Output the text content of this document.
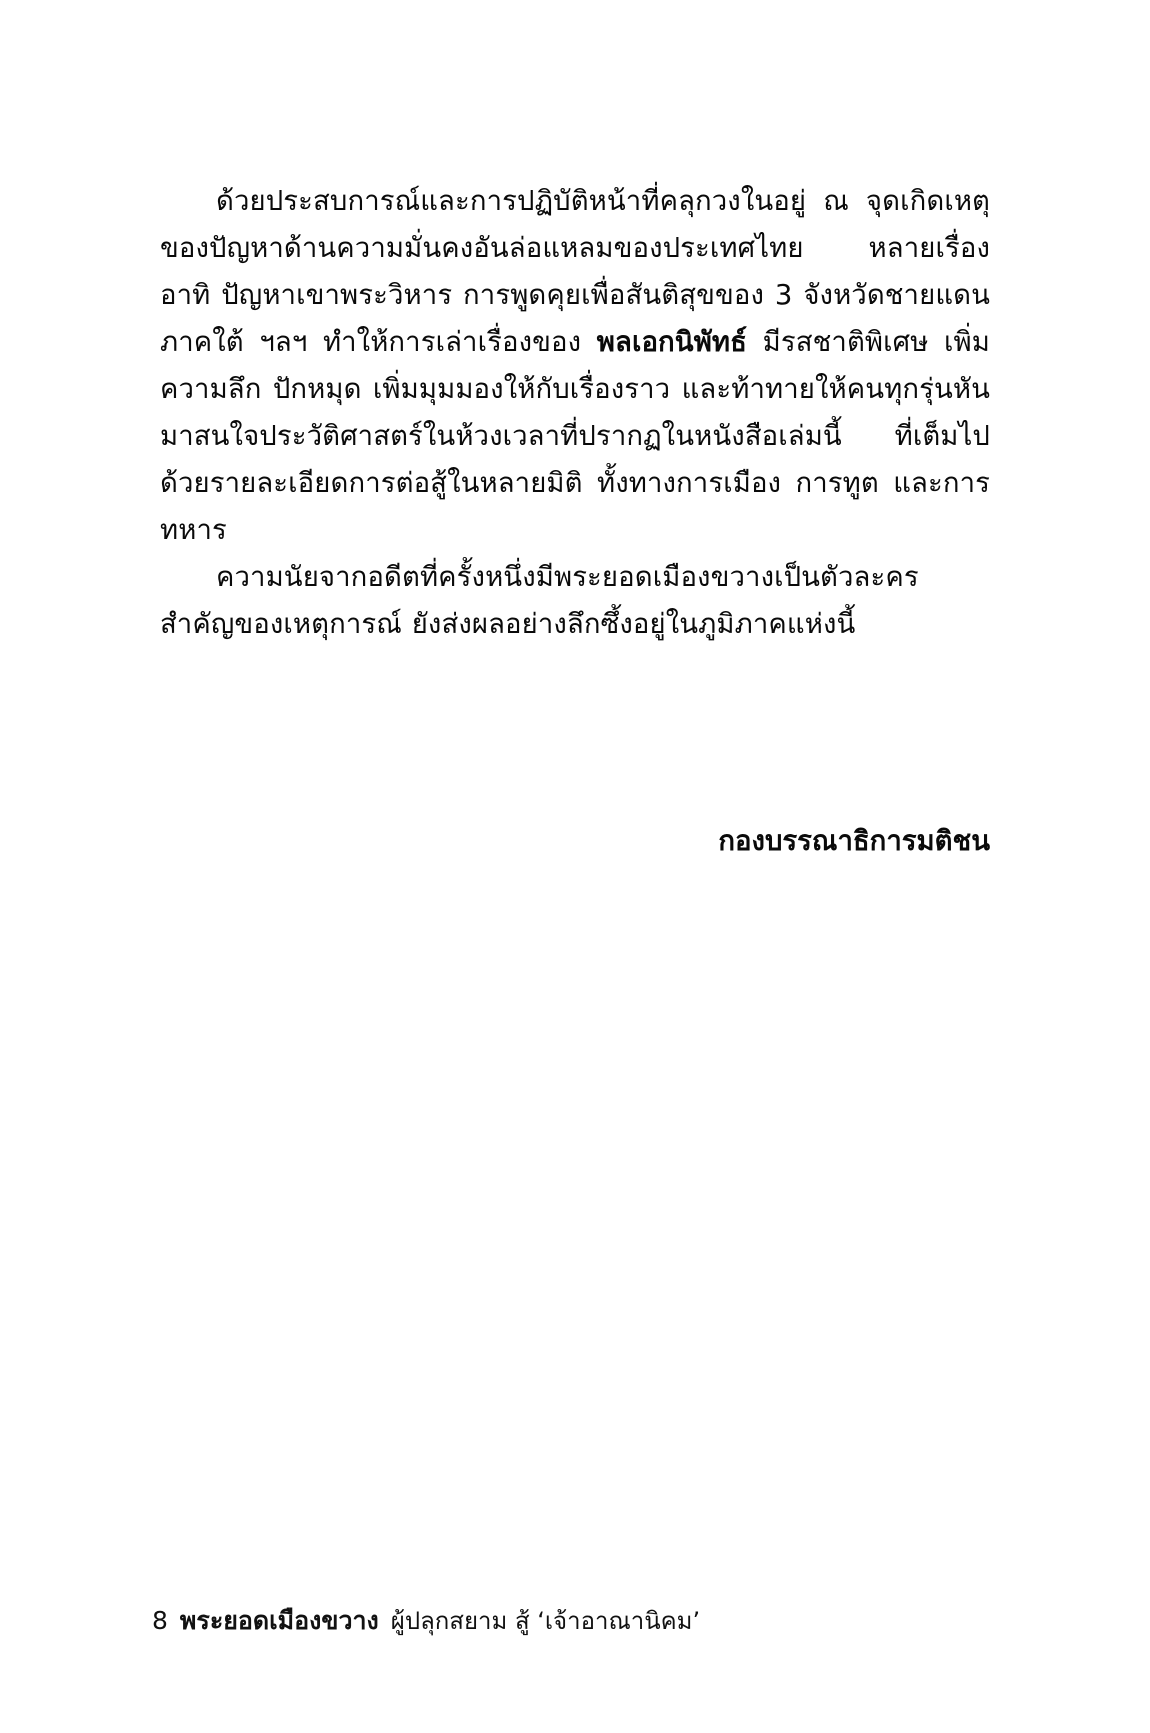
ด้วยประสบการณ์และการปฏิบัติหน้าที่คลุกวงในอยู่ ณ จุดเกิดเหตุของปัญหาด้านความมั่นคงอันล่อแหลมของประเทศไทย หลายเรื่อง อาทิ ปัญหาเขาพระวิหาร การพูดคุยเพื่อสันติสุขของ 3 จังหวัดชายแดนภาคใต้ ฯลฯ ทำให้การเล่าเรื่องของ พลเอกนิพัทธ์ มีรสชาติพิเศษ เพิ่มความลึก ปักหมุด เพิ่มมุมมองให้กับเรื่องราว และท้าทายให้คนทุกรุ่นหันมาสนใจประวัติศาสตร์ในห้วงเวลาที่ปรากฏในหนังสือเล่มนี้ ที่เต็มไปด้วยรายละเอียดการต่อสู้ในหลายมิติ ทั้งทางการเมือง การทูต และการทหาร

ความนัยจากอดีตที่ครั้งหนึ่งมีพระยอดเมืองขวางเป็นตัวละครสำคัญของเหตุการณ์ ยังส่งผลอย่างลึกซึ้งอยู่ในภูมิภาคแห่งนี้

กองบรรณาธิการมติชน
8 พระยอดเมืองขวาง ผู้ปลุกสยาม สู้ ‘เจ้าอาณานิคม’
